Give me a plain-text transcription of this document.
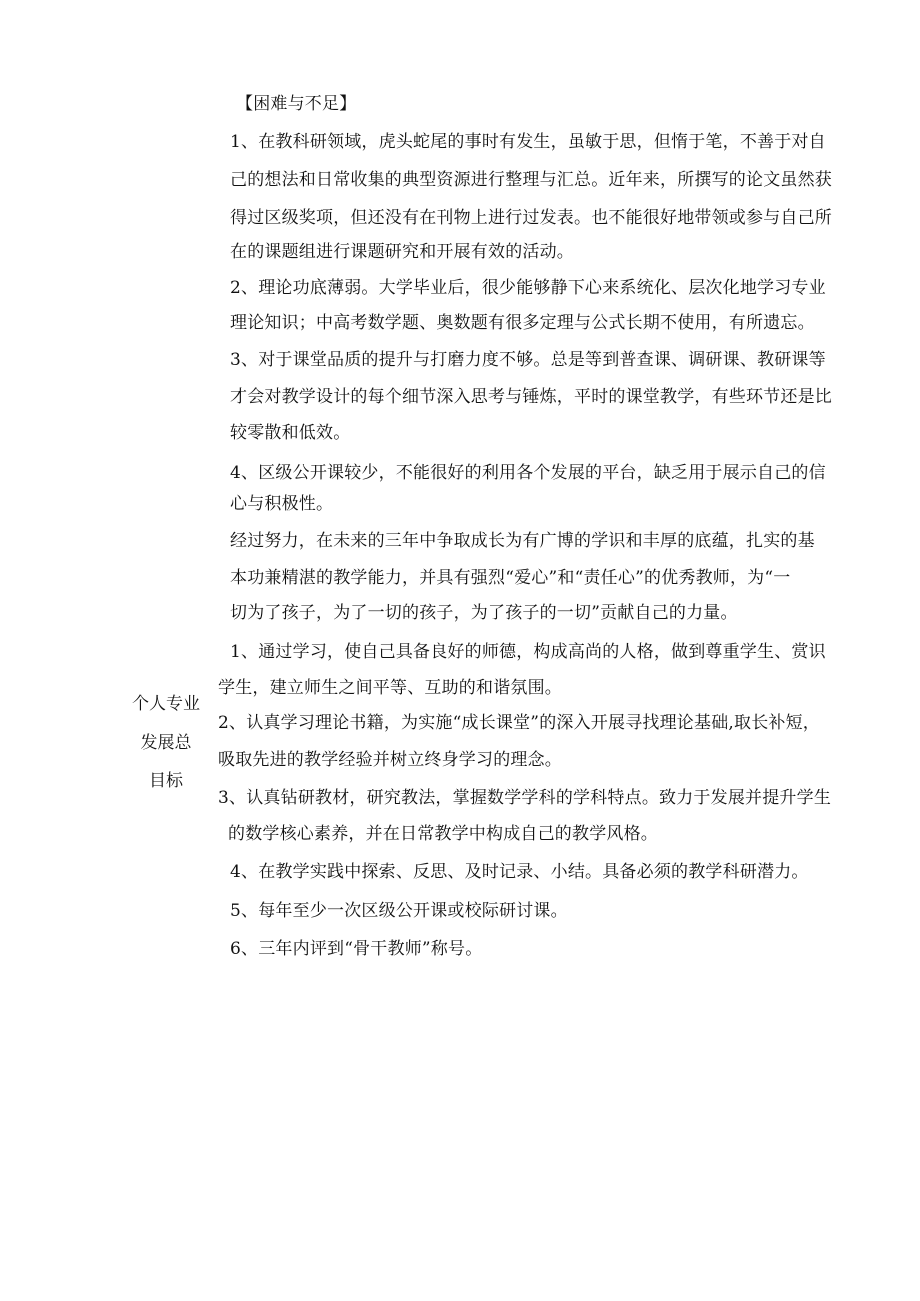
个人专业
发展总
目标
【困难与不足】
1、在教科研领域，虎头蛇尾的事时有发生，虽敏于思，但惰于笔，不善于对自
己的想法和日常收集的典型资源进行整理与汇总。近年来，所撰写的论文虽然获
得过区级奖项，但还没有在刊物上进行过发表。也不能很好地带领或参与自己所
在的课题组进行课题研究和开展有效的活动。
2、理论功底薄弱。大学毕业后，很少能够静下心来系统化、层次化地学习专业
理论知识；中高考数学题、奥数题有很多定理与公式长期不使用，有所遗忘。
3、对于课堂品质的提升与打磨力度不够。总是等到普查课、调研课、教研课等
才会对教学设计的每个细节深入思考与锤炼，平时的课堂教学，有些环节还是比
较零散和低效。
4、区级公开课较少，不能很好的利用各个发展的平台，缺乏用于展示自己的信
心与积极性。
经过努力，在未来的三年中争取成长为有广博的学识和丰厚的底蕴，扎实的基
本功兼精湛的教学能力，并具有强烈“爱心”和“责任心”的优秀教师，为“一
切为了孩子，为了一切的孩子，为了孩子的一切”贡献自己的力量。
1、通过学习，使自己具备良好的师德，构成高尚的人格，做到尊重学生、赏识
学生，建立师生之间平等、互助的和谐氛围。
2、认真学习理论书籍，为实施“成长课堂”的深入开展寻找理论基础,取长补短，
吸取先进的教学经验并树立终身学习的理念。
3、认真钻研教材，研究教法，掌握数学学科的学科特点。致力于发展并提升学生
的数学核心素养，并在日常教学中构成自己的教学风格。
4、在教学实践中探索、反思、及时记录、小结。具备必须的教学科研潜力。
5、每年至少一次区级公开课或校际研讨课。
6、三年内评到“骨干教师”称号。
